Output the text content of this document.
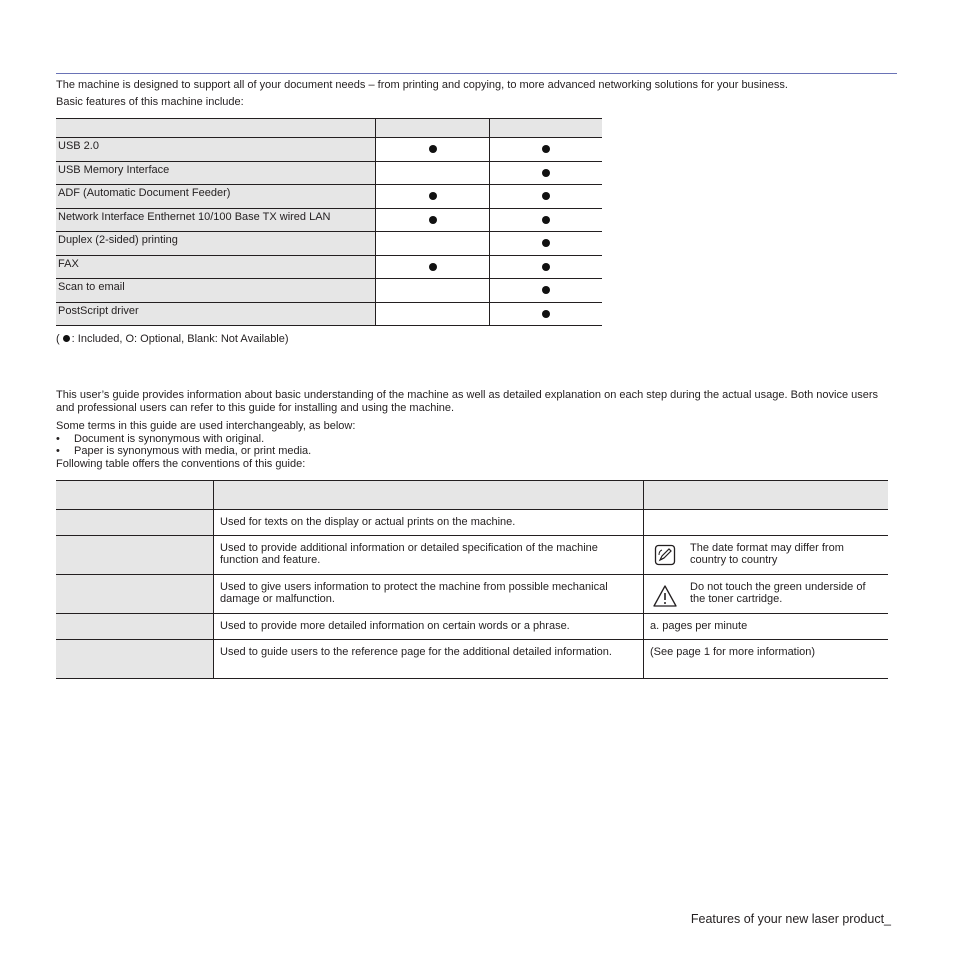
The machine is designed to support all of your document needs – from printing and copying, to more advanced networking solutions for your business.
Basic features of this machine include:
USB 2.0
USB Memory Interface
ADF (Automatic Document Feeder)
Network Interface Enthernet 10/100 Base TX wired LAN
Duplex (2-sided) printing
FAX
Scan to email
PostScript driver
( : Included, O: Optional, Blank: Not Available)
This user’s guide provides information about basic understanding of the machine as well as detailed explanation on each step during the actual usage. Both novice users and professional users can refer to this guide for installing and using the machine.
Some terms in this guide are used interchangeably, as below:
• Document is synonymous with original.
• Paper is synonymous with media, or print media.
Following table offers the conventions of this guide:
Used for texts on the display or actual prints on the machine.
Used to provide additional information or detailed specification of the machine function and feature.
The date format may differ from country to country
Used to give users information to protect the machine from possible mechanical damage or malfunction.
Do not touch the green underside of the toner cartridge.
Used to provide more detailed information on certain words or a phrase.	a. pages per minute
Used to guide users to the reference page for the additional detailed information.	(See page 1 for more information)
Features of your new laser product_
